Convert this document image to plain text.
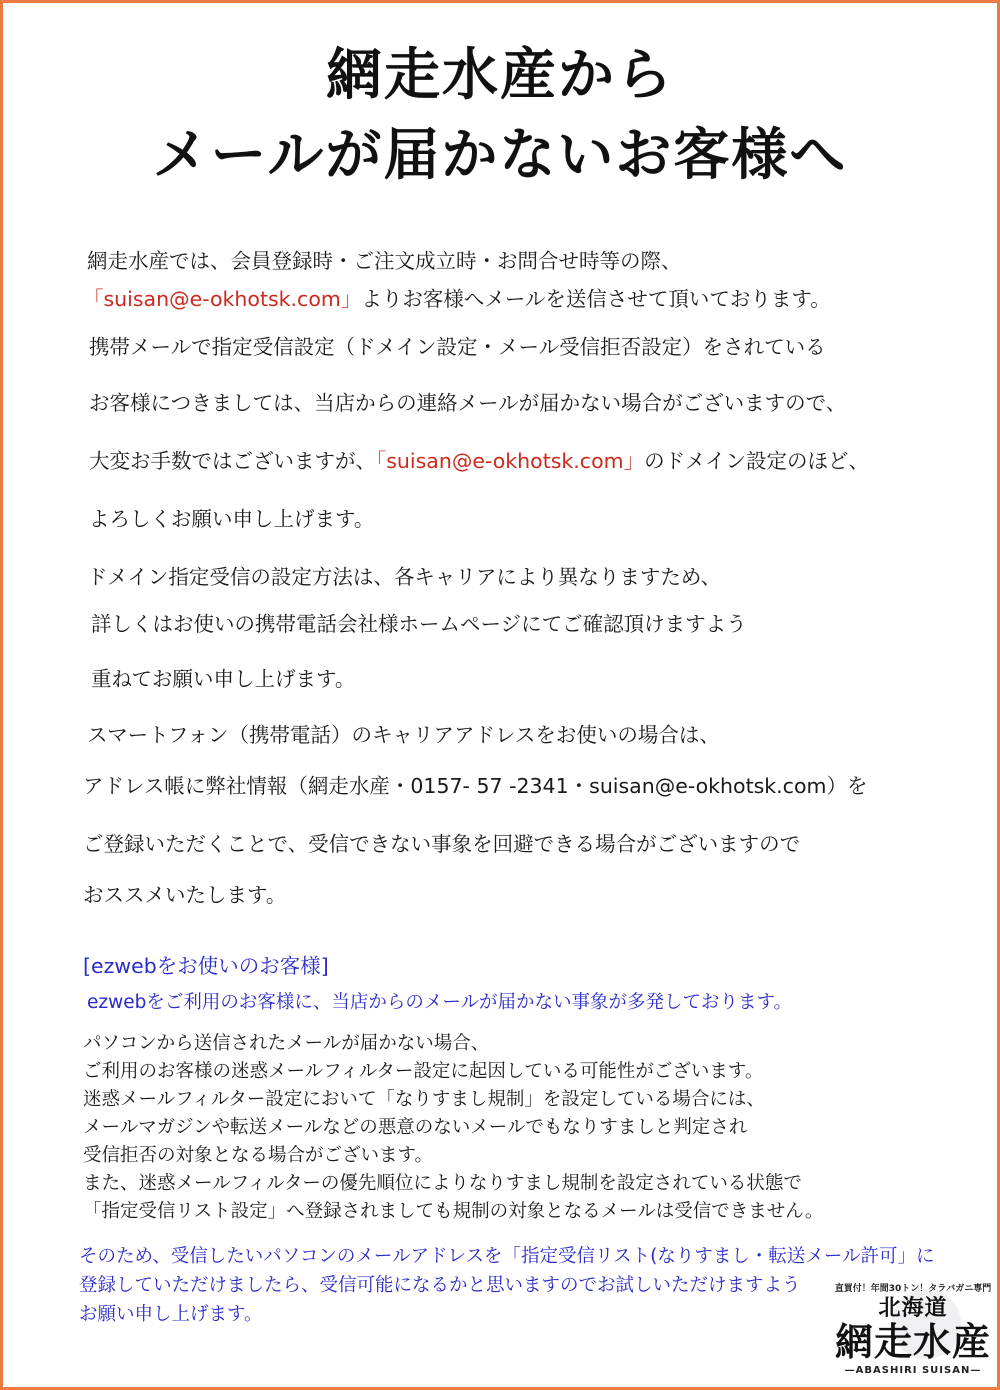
網走水産から
メールが届かないお客様へ

網走水産では、会員登録時・ご注文成立時・お問合せ時等の際、

「suisan@e-okhotsk.com」よりお客様へメールを送信させて頂いております。

携帯メールで指定受信設定（ドメイン設定・メール受信拒否設定）をされている

お客様につきましては、当店からの連絡メールが届かない場合がございますので、

大変お手数ではございますが、「suisan@e-okhotsk.com」のドメイン設定のほど、

よろしくお願い申し上げます。

ドメイン指定受信の設定方法は、各キャリアにより異なりますため、

詳しくはお使いの携帯電話会社様ホームページにてご確認頂けますよう

重ねてお願い申し上げます。

スマートフォン（携帯電話）のキャリアアドレスをお使いの場合は、

アドレス帳に弊社情報（網走水産・0157- 57 -2341・suisan@e-okhotsk.com）を

ご登録いただくことで、受信できない事象を回避できる場合がございますので

おススメいたします。

[ezwebをお使いのお客様]

ezwebをご利用のお客様に、当店からのメールが届かない事象が多発しております。

パソコンから送信されたメールが届かない場合、

ご利用のお客様の迷惑メールフィルター設定に起因している可能性がございます。

迷惑メールフィルター設定において「なりすまし規制」を設定している場合には、

メールマガジンや転送メールなどの悪意のないメールでもなりすましと判定され

受信拒否の対象となる場合がございます。

また、迷惑メールフィルターの優先順位によりなりすまし規制を設定されている状態で

「指定受信リスト設定」へ登録されましても規制の対象となるメールは受信できません。

そのため、受信したいパソコンのメールアドレスを「指定受信リスト(なりすまし・転送メール許可」に

登録していただけましたら、受信可能になるかと思いますのでお試しいただけますよう

お願い申し上げます。

直買付！年間30トン！タラバガニ専門
北海道
網走水産
—ABASHIRI SUISAN—
